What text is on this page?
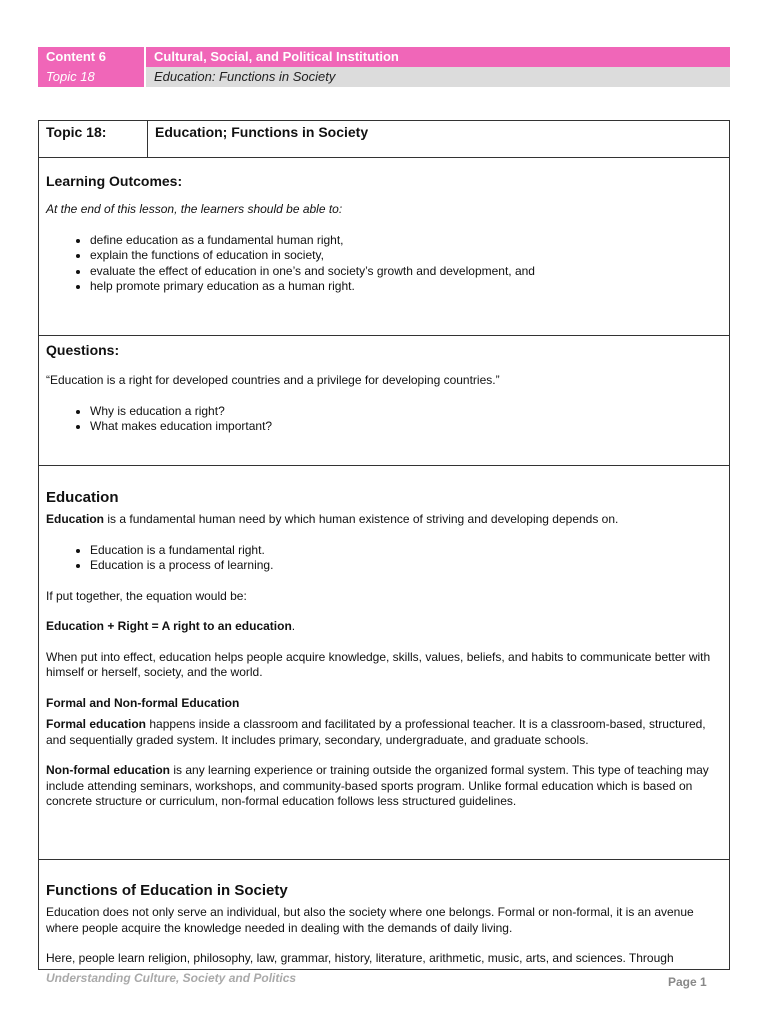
Content 6	Cultural, Social, and Political Institution
Topic 18	Education: Functions in Society
Topic 18:	Education; Functions in Society
Learning Outcomes:

At the end of this lesson, the learners should be able to:

• define education as a fundamental human right,
• explain the functions of education in society,
• evaluate the effect of education in one’s and society’s growth and development, and
• help promote primary education as a human right.
Questions:

“Education is a right for developed countries and a privilege for developing countries.”

• Why is education a right?
• What makes education important?
Education

Education is a fundamental human need by which human existence of striving and developing depends on.

• Education is a fundamental right.
• Education is a process of learning.

If put together, the equation would be:

Education + Right = A right to an education.

When put into effect, education helps people acquire knowledge, skills, values, beliefs, and habits to communicate better with himself or herself, society, and the world.

Formal and Non-formal Education

Formal education happens inside a classroom and facilitated by a professional teacher. It is a classroom-based, structured, and sequentially graded system. It includes primary, secondary, undergraduate, and graduate schools.

Non-formal education is any learning experience or training outside the organized formal system. This type of teaching may include attending seminars, workshops, and community-based sports program. Unlike formal education which is based on concrete structure or curriculum, non-formal education follows less structured guidelines.

Functions of Education in Society

Education does not only serve an individual, but also the society where one belongs. Formal or non-formal, it is an avenue where people acquire the knowledge needed in dealing with the demands of daily living.

Here, people learn religion, philosophy, law, grammar, history, literature, arithmetic, music, arts, and sciences. Through

Understanding Culture, Society and Politics	Page 1
